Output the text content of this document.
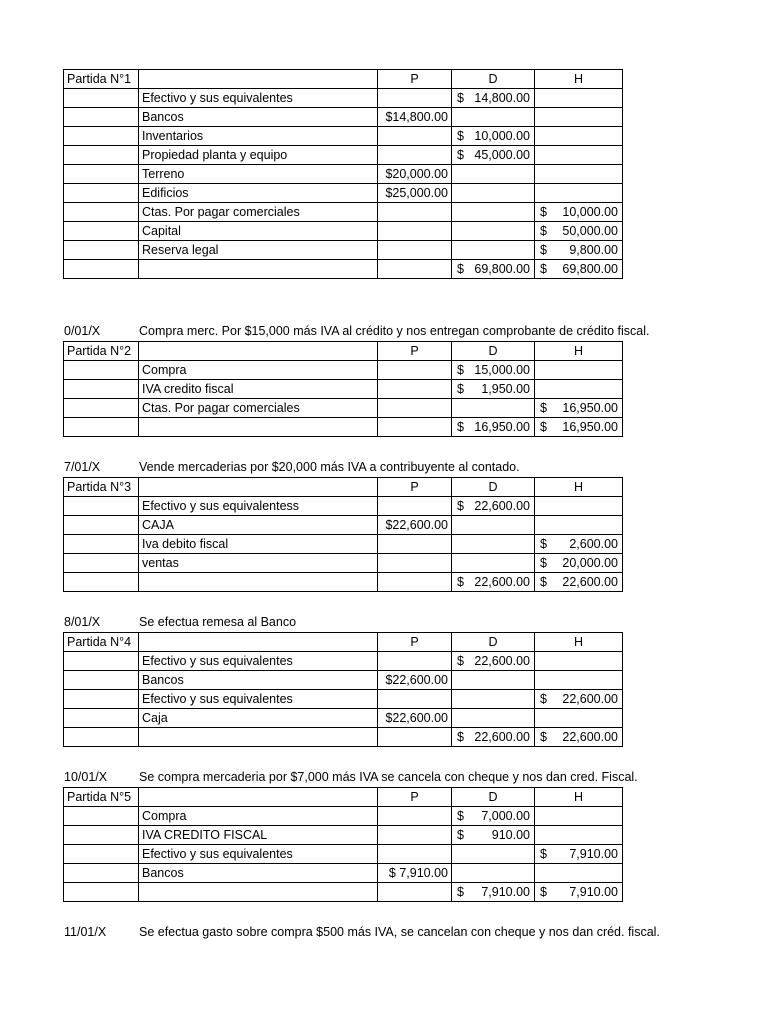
Partida N°1		P	D	H
	Efectivo y sus equivalentes		$ 14,800.00	

	Bancos	$14,800.00		
	Inventarios		$ 10,000.00	

	Propiedad planta y equipo		$ 45,000.00	

	Terreno	$20,000.00		
	Edificios	$25,000.00		
	Ctas. Por pagar comerciales			$ 10,000.00

	Capital			$ 50,000.00

	Reserva legal			$ 9,800.00

			$ 69,800.00	$ 69,800.00
0/01/X	Compra merc. Por $15,000 más IVA al crédito y nos entregan comprobante de crédito fiscal.
Partida N°2		P	D	H
	Compra		$ 15,000.00	

	IVA credito fiscal		$ 1,950.00	

	Ctas. Por pagar comerciales			$ 16,950.00

			$ 16,950.00	$ 16,950.00
7/01/X	Vende mercaderias por $20,000 más IVA a contribuyente al contado.
Partida N°3		P	D	H
	Efectivo y sus equivalentess		$ 22,600.00	

	CAJA	$22,600.00		
	Iva debito fiscal			$ 2,600.00

	ventas			$ 20,000.00

			$ 22,600.00	$ 22,600.00
8/01/X	Se efectua remesa al Banco
Partida N°4		P	D	H
	Efectivo y sus equivalentes		$ 22,600.00	

	Bancos	$22,600.00		
	Efectivo y sus equivalentes			$ 22,600.00

	Caja	$22,600.00		

			$ 22,600.00	$ 22,600.00
10/01/X	Se compra mercaderia por $7,000 más IVA se cancela con cheque y nos dan cred. Fiscal.
Partida N°5		P	D	H
	Compra		$ 7,000.00	

	IVA CREDITO FISCAL		$ 910.00	

	Efectivo y sus equivalentes			$ 7,910.00

	Bancos	$ 7,910.00		

			$ 7,910.00	$ 7,910.00
11/01/X	Se efectua gasto sobre compra $500 más IVA, se cancelan con cheque y nos dan créd. fiscal.
